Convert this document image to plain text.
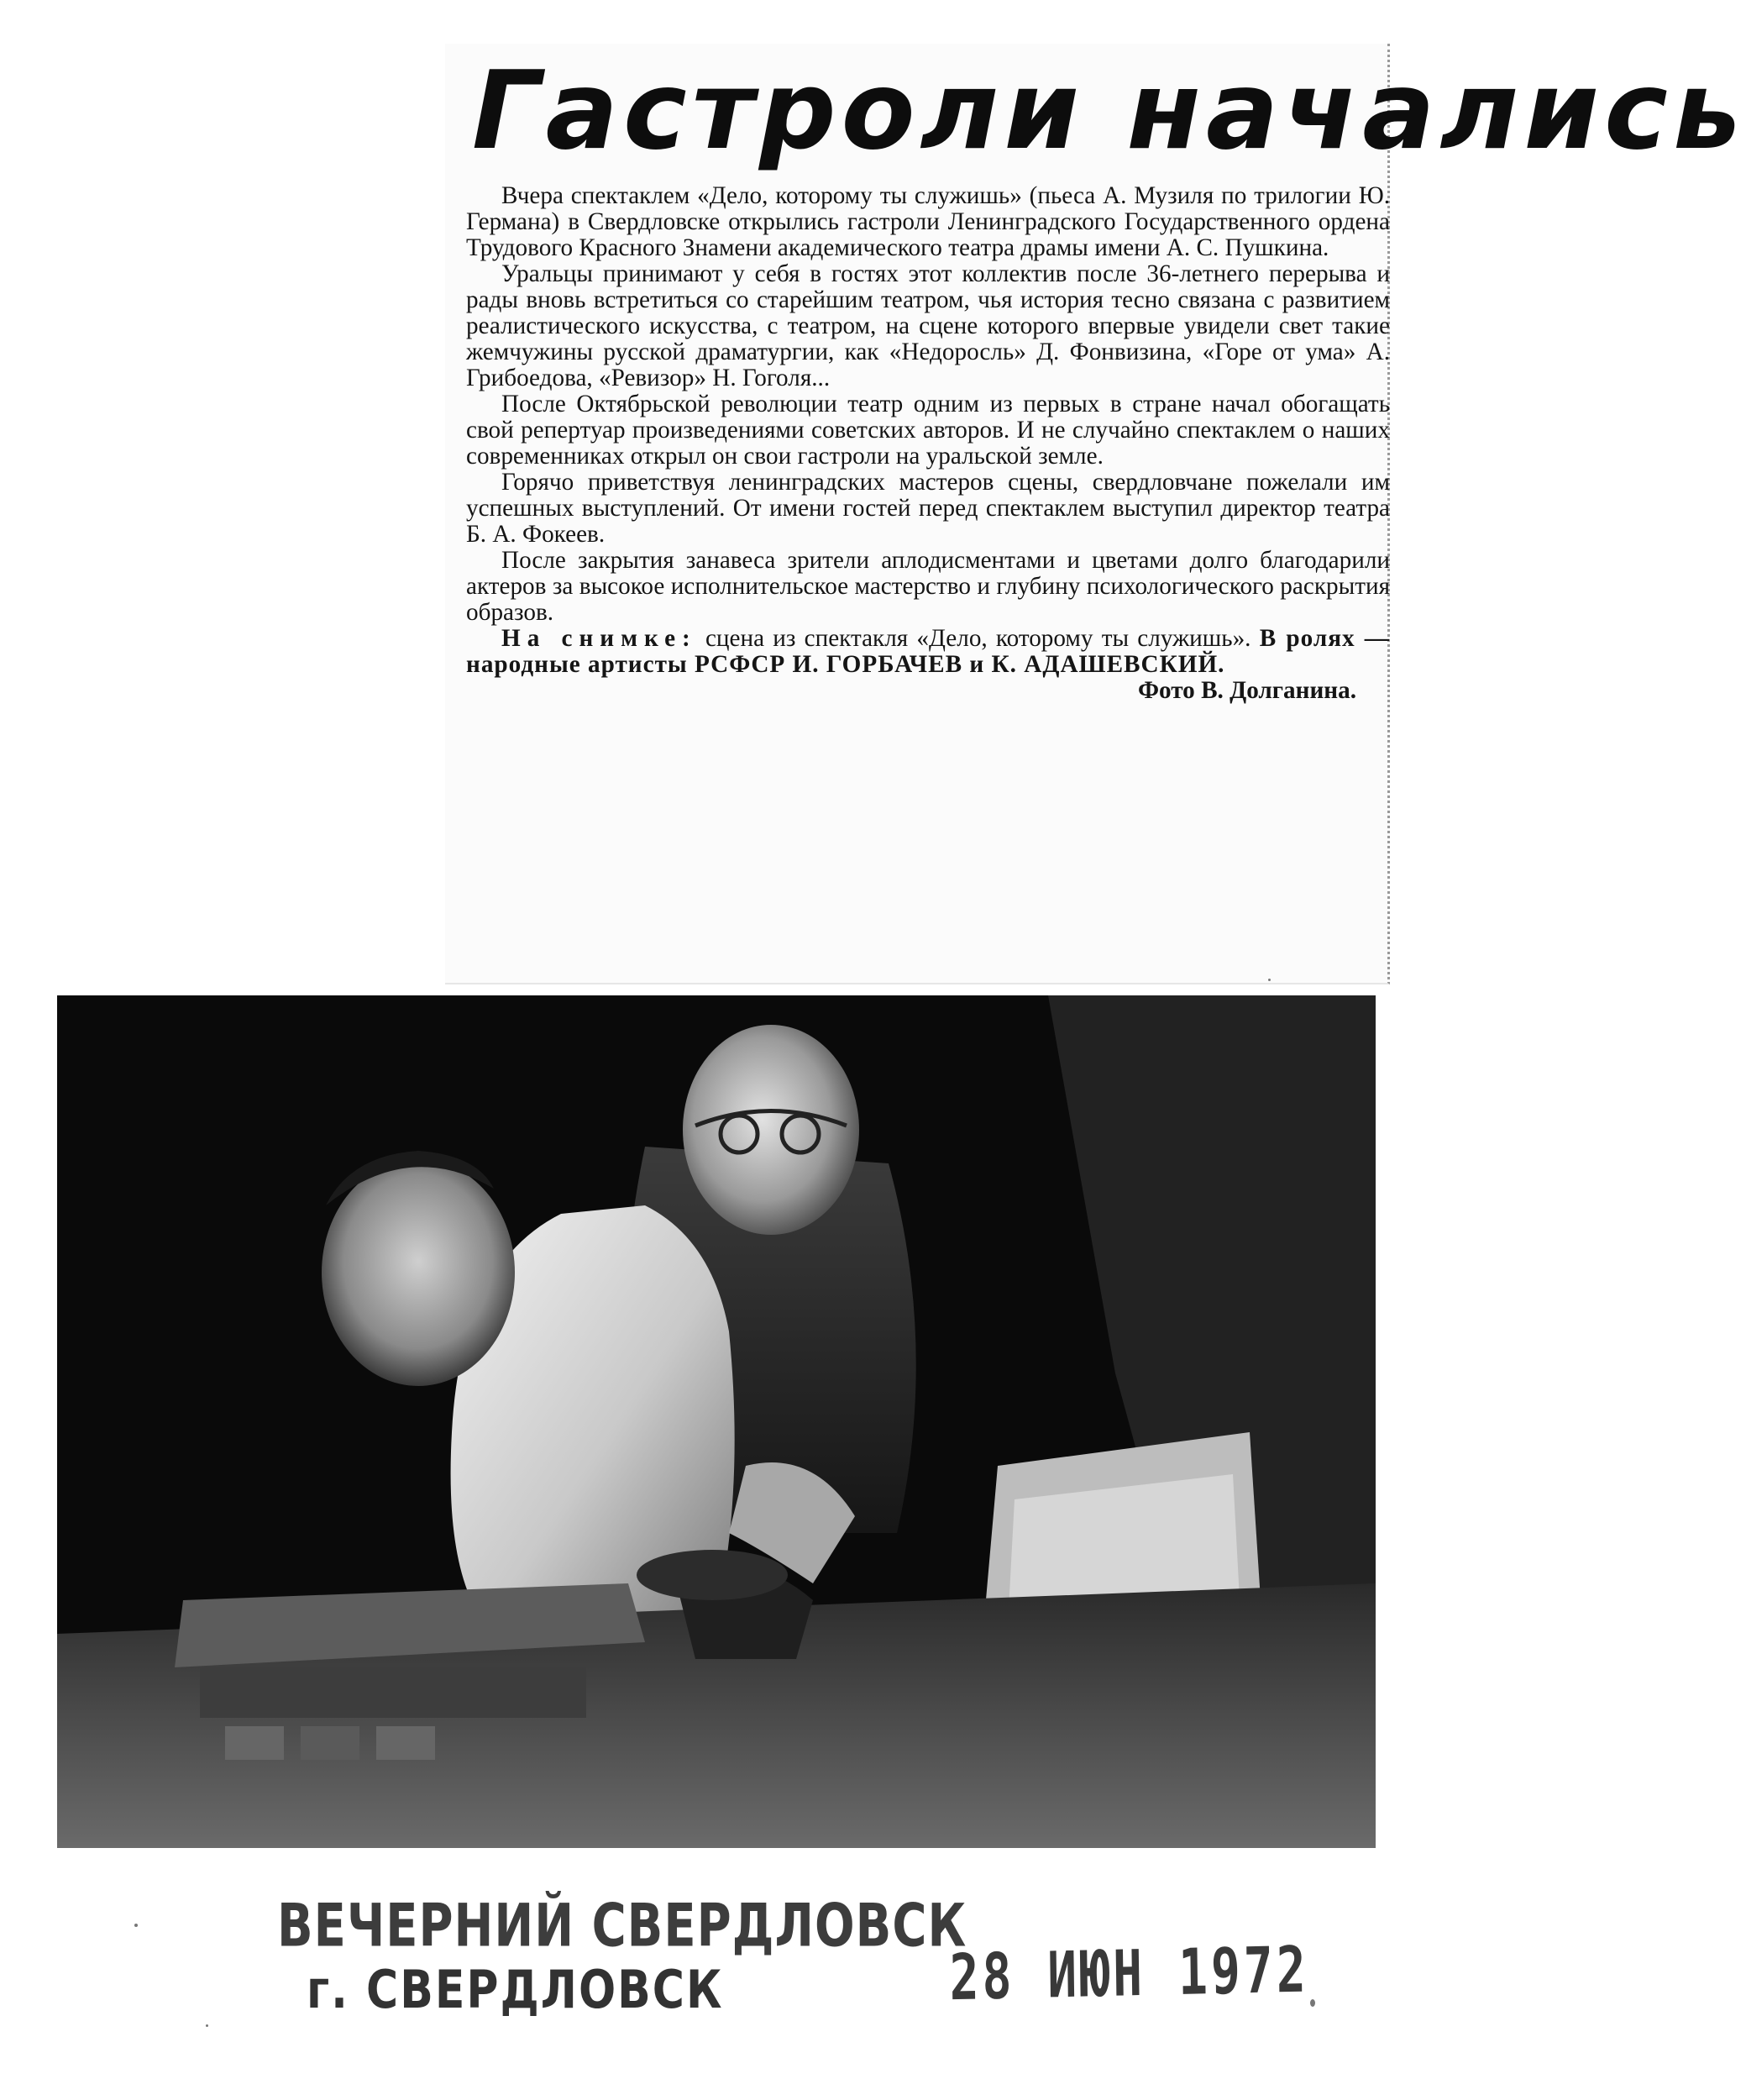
Гастроли начались

Вчера спектаклем «Дело, которому ты служишь» (пьеса А. Музиля по трилогии Ю. Германа) в Свердловске открылись гастроли Ленинградского Государственного ордена Трудового Красного Знамени академического театра драмы имени А. С. Пушкина.

Уральцы принимают у себя в гостях этот коллектив после 36-летнего перерыва и рады вновь встретиться со старейшим театром, чья история тесно связана с развитием реалистического искусства, с театром, на сцене которого впервые увидели свет такие жемчужины русской драматургии, как «Недоросль» Д. Фонвизина, «Горе от ума» А. Грибоедова, «Ревизор» Н. Гоголя...

После Октябрьской революции театр одним из первых в стране начал обогащать свой репертуар произведениями советских авторов. И не случайно спектаклем о наших современниках открыл он свои гастроли на уральской земле.

Горячо приветствуя ленинградских мастеров сцены, свердловчане пожелали им успешных выступлений. От имени гостей перед спектаклем выступил директор театра Б. А. Фокеев.

После закрытия занавеса зрители аплодисментами и цветами долго благодарили актеров за высокое исполнительское мастерство и глубину психологического раскрытия образов.

На снимке: сцена из спектакля «Дело, которому ты служишь». В ролях — народные артисты РСФСР И. ГОРБАЧЕВ и К. АДАШЕВСКИЙ.
Фото В. Долганина.
ВЕЧЕРНИЙ СВЕРДЛОВСК
г. СВЕРДЛОВСК	28 ИЮН 1972
